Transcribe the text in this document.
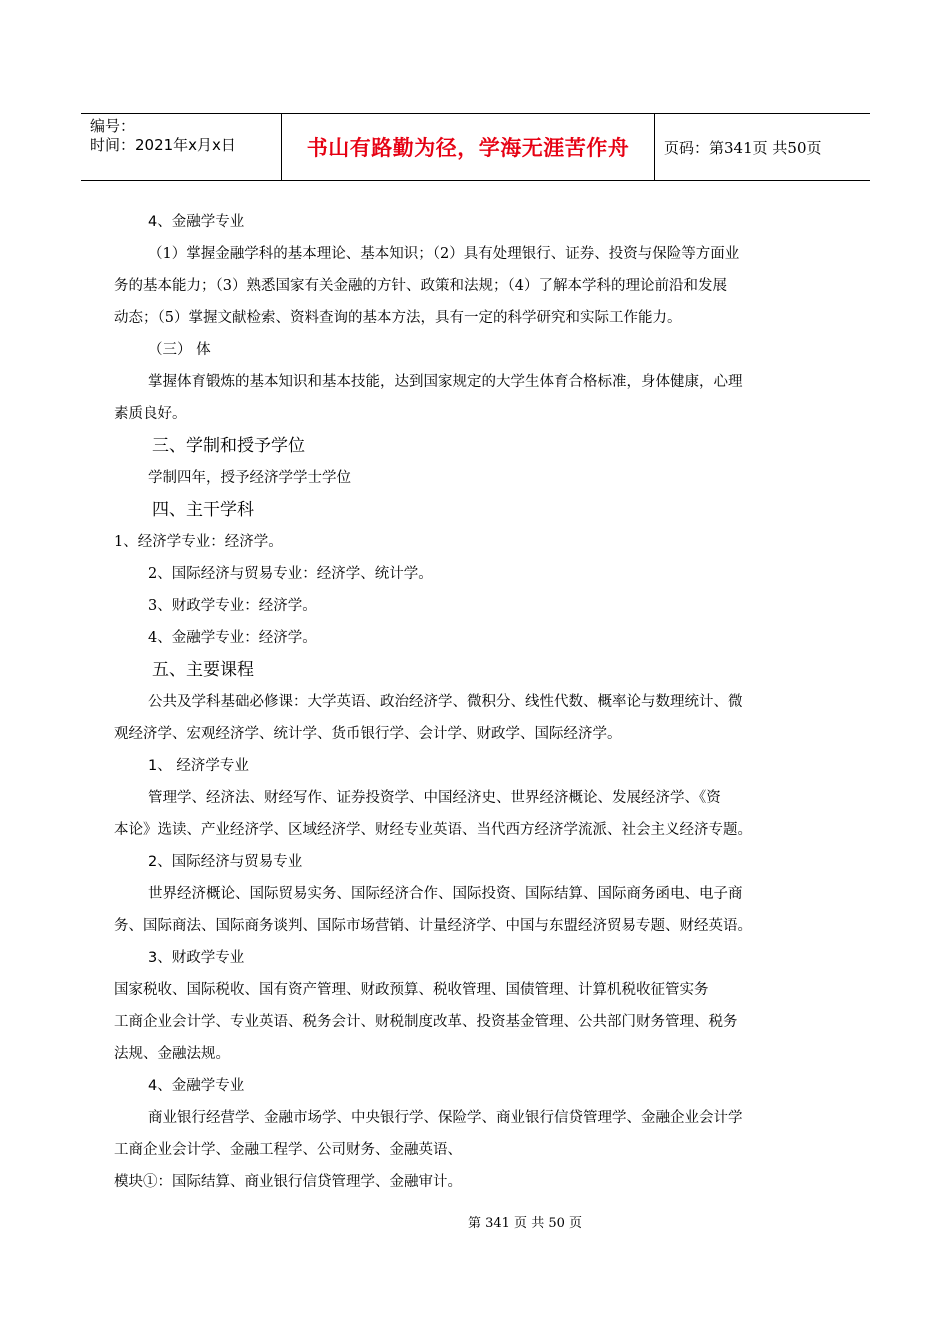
编号：
时间：2021年x月x日	书山有路勤为径，学海无涯苦作舟 页码：第341页 共50页
4、金融学专业
（1）掌握金融学科的基本理论、基本知识；（2）具有处理银行、证券、投资与保险等方面业
务的基本能力；（3）熟悉国家有关金融的方针、政策和法规；（4）了解本学科的理论前沿和发展
动态；（5）掌握文献检索、资料查询的基本方法，具有一定的科学研究和实际工作能力。
（三） 体
掌握体育锻炼的基本知识和基本技能，达到国家规定的大学生体育合格标准，身体健康，心理
素质良好。
三、学制和授予学位
学制四年，授予经济学学士学位
四、主干学科
1、经济学专业：经济学。
2、国际经济与贸易专业：经济学、统计学。
3、财政学专业：经济学。
4、金融学专业：经济学。
五、主要课程
公共及学科基础必修课：大学英语、政治经济学、微积分、线性代数、概率论与数理统计、微
观经济学、宏观经济学、统计学、货币银行学、会计学、财政学、国际经济学。
1、 经济学专业
管理学、经济法、财经写作、证券投资学、中国经济史、世界经济概论、发展经济学、《资
本论》选读、产业经济学、区域经济学、财经专业英语、当代西方经济学流派、社会主义经济专题。
2、国际经济与贸易专业
世界经济概论、国际贸易实务、国际经济合作、国际投资、国际结算、国际商务函电、电子商
务、国际商法、国际商务谈判、国际市场营销、计量经济学、中国与东盟经济贸易专题、财经英语。
3、财政学专业
国家税收、国际税收、国有资产管理、财政预算、税收管理、国债管理、计算机税收征管实务
工商企业会计学、专业英语、税务会计、财税制度改革、投资基金管理、公共部门财务管理、税务
法规、金融法规。
4、金融学专业
商业银行经营学、金融市场学、中央银行学、保险学、商业银行信贷管理学、金融企业会计学
工商企业会计学、金融工程学、公司财务、金融英语、
模块①：国际结算、商业银行信贷管理学、金融审计。
第 341 页 共 50 页
